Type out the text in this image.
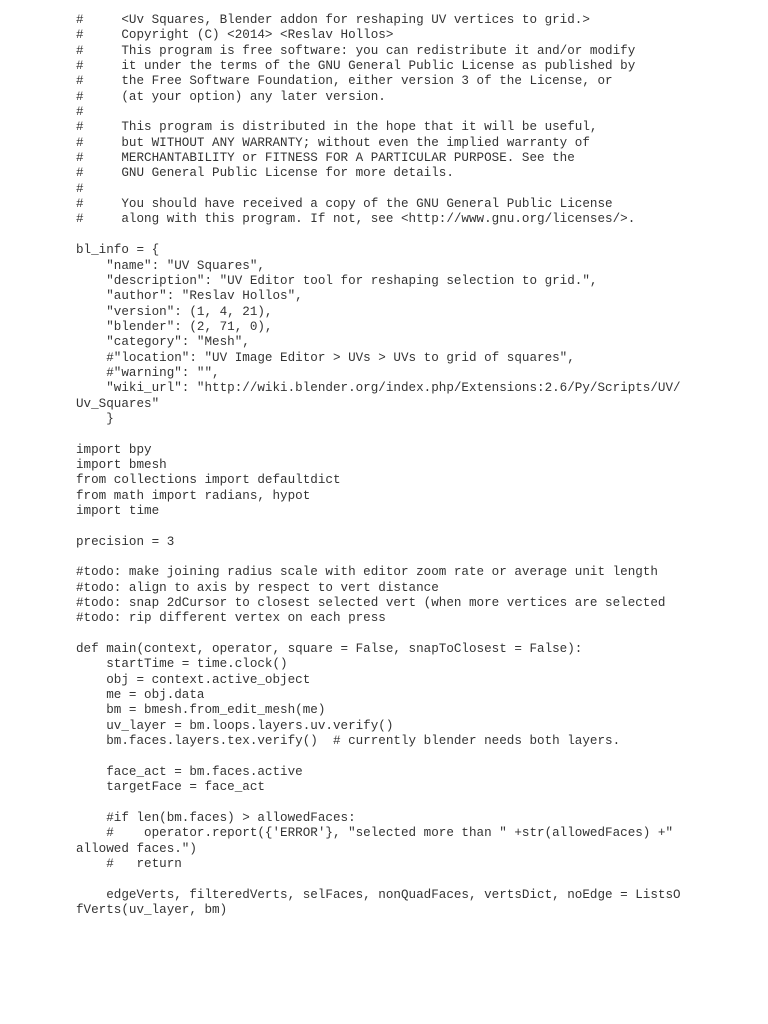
#     <Uv Squares, Blender addon for reshaping UV vertices to grid.>
#     Copyright (C) <2014> <Reslav Hollos>
#     This program is free software: you can redistribute it and/or modify
#     it under the terms of the GNU General Public License as published by
#     the Free Software Foundation, either version 3 of the License, or
#     (at your option) any later version.
#
#     This program is distributed in the hope that it will be useful,
#     but WITHOUT ANY WARRANTY; without even the implied warranty of
#     MERCHANTABILITY or FITNESS FOR A PARTICULAR PURPOSE. See the
#     GNU General Public License for more details.
#
#     You should have received a copy of the GNU General Public License
#     along with this program. If not, see <http://www.gnu.org/licenses/>.
bl_info = {
"name": "UV Squares",
"description": "UV Editor tool for reshaping selection to grid.",
"author": "Reslav Hollos",
"version": (1, 4, 21),
"blender": (2, 71, 0),
"category": "Mesh",
#"location": "UV Image Editor > UVs > UVs to grid of squares",
#"warning": "",
"wiki_url": "http://wiki.blender.org/index.php/Extensions:2.6/Py/Scripts/UV/
Uv_Squares"
}
import bpy
import bmesh
from collections import defaultdict
from math import radians, hypot
import time
precision = 3
#todo: make joining radius scale with editor zoom rate or average unit length
#todo: align to axis by respect to vert distance
#todo: snap 2dCursor to closest selected vert (when more vertices are selected
#todo: rip different vertex on each press
def main(context, operator, square = False, snapToClosest = False):
startTime = time.clock()
obj = context.active_object
me = obj.data
bm = bmesh.from_edit_mesh(me)
uv_layer = bm.loops.layers.uv.verify()
bm.faces.layers.tex.verify()  # currently blender needs both layers.
face_act = bm.faces.active
targetFace = face_act
#if len(bm.faces) > allowedFaces:
#    operator.report({'ERROR'}, "selected more than " +str(allowedFaces) +"
allowed faces.")
#   return
edgeVerts, filteredVerts, selFaces, nonQuadFaces, vertsDict, noEdge = ListsO
fVerts(uv_layer, bm)
